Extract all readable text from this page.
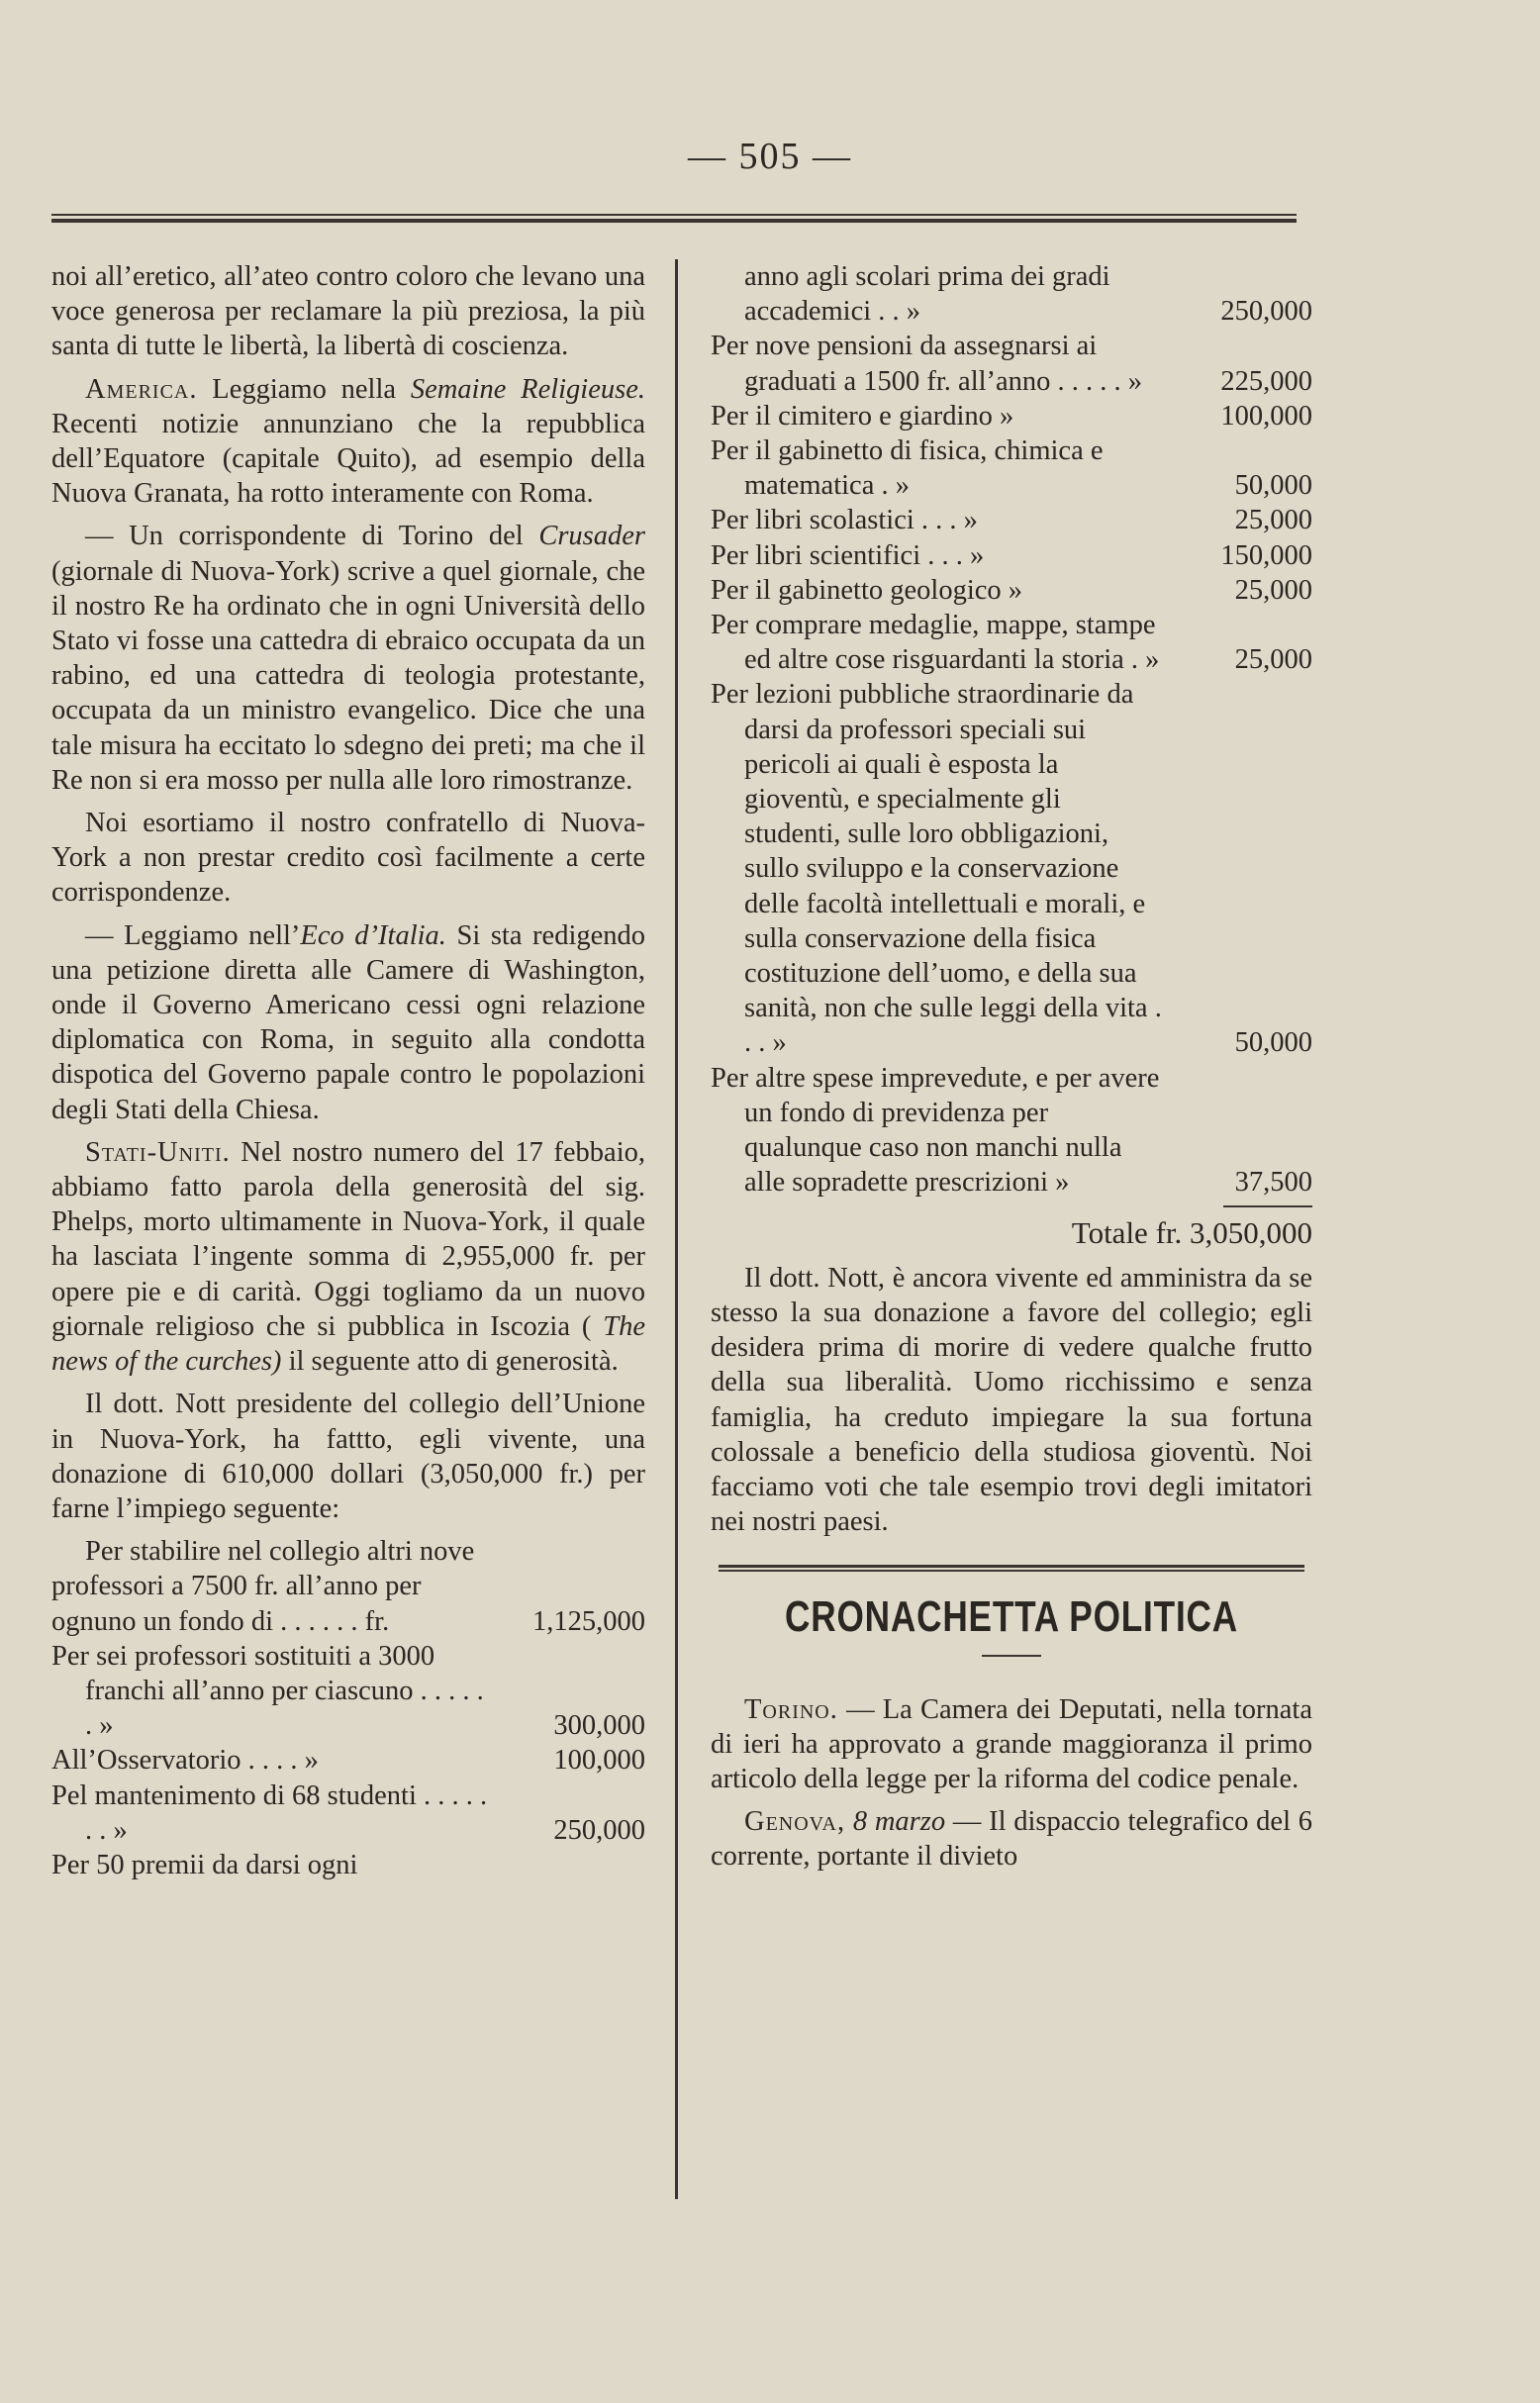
— 505 —

noi all’eretico, all’ateo contro coloro che levano una voce generosa per reclamare la più preziosa, la più santa di tutte le libertà, la libertà di coscienza.

America. Leggiamo nella Semaine Religieuse. Recenti notizie annunziano che la repubblica dell’Equatore (capitale Quito), ad esempio della Nuova Granata, ha rotto interamente con Roma.

— Un corrispondente di Torino del Crusader (giornale di Nuova-York) scrive a quel giornale, che il nostro Re ha ordinato che in ogni Università dello Stato vi fosse una cattedra di ebraico occupata da un rabino, ed una cattedra di teologia protestante, occupata da un ministro evangelico. Dice che una tale misura ha eccitato lo sdegno dei preti; ma che il Re non si era mosso per nulla alle loro rimostranze.

Noi esortiamo il nostro confratello di Nuova-York a non prestar credito così facilmente a certe corrispondenze.

— Leggiamo nell’Eco d’Italia. Si sta redigendo una petizione diretta alle Camere di Washington, onde il Governo Americano cessi ogni relazione diplomatica con Roma, in seguito alla condotta dispotica del Governo papale contro le popolazioni degli Stati della Chiesa.

Stati-Uniti. Nel nostro numero del 17 febbaio, abbiamo fatto parola della generosità del sig. Phelps, morto ultimamente in Nuova-York, il quale ha lasciata l’ingente somma di 2,955,000 fr. per opere pie e di carità. Oggi togliamo da un nuovo giornale religioso che si pubblica in Iscozia ( The news of the curches) il seguente atto di generosità.

Il dott. Nott presidente del collegio dell’Unione in Nuova-York, ha fattto, egli vivente, una donazione di 610,000 dollari (3,050,000 fr.) per farne l’impiego seguente:

Per stabilire nel collegio altri nove professori a 7500 fr. all’anno per ognuno un fondo di . . . . . . fr.	1,125,000
Per sei professori sostituiti a 3000 franchi all’anno per ciascuno . . . . . . »	300,000
All’Osservatorio . . . . »	100,000
Pel mantenimento di 68 studenti . . . . . . . »	250,000
Per 50 premii da darsi ogni
anno agli scolari prima dei gradi accademici . . »	250,000
Per nove pensioni da assegnarsi ai graduati a 1500 fr. all’anno . . . . . »	225,000
Per il cimitero e giardino »	100,000
Per il gabinetto di fisica, chimica e matematica . »	50,000
Per libri scolastici . . . »	25,000
Per libri scientifici . . . »	150,000
Per il gabinetto geologico »	25,000
Per comprare medaglie, mappe, stampe ed altre cose risguardanti la storia . »	25,000
Per lezioni pubbliche straordinarie da darsi da professori speciali sui pericoli ai quali è esposta la gioventù, e specialmente gli studenti, sulle loro obbligazioni, sullo sviluppo e la conservazione delle facoltà intellettuali e morali, e sulla conservazione della fisica costituzione dell’uomo, e della sua sanità, non che sulle leggi della vita . . . »	50,000
Per altre spese imprevedute, e per avere un fondo di previdenza per qualunque caso non manchi nulla alle sopradette prescrizioni »	37,500
Totale fr. 3,050,000

Il dott. Nott, è ancora vivente ed amministra da se stesso la sua donazione a favore del collegio; egli desidera prima di morire di vedere qualche frutto della sua liberalità. Uomo ricchissimo e senza famiglia, ha creduto impiegare la sua fortuna colossale a beneficio della studiosa gioventù. Noi facciamo voti che tale esempio trovi degli imitatori nei nostri paesi.

CRONACHETTA POLITICA

Torino. — La Camera dei Deputati, nella tornata di ieri ha approvato a grande maggioranza il primo articolo della legge per la riforma del codice penale.

Genova, 8 marzo — Il dispaccio telegrafico del 6 corrente, portante il divieto
